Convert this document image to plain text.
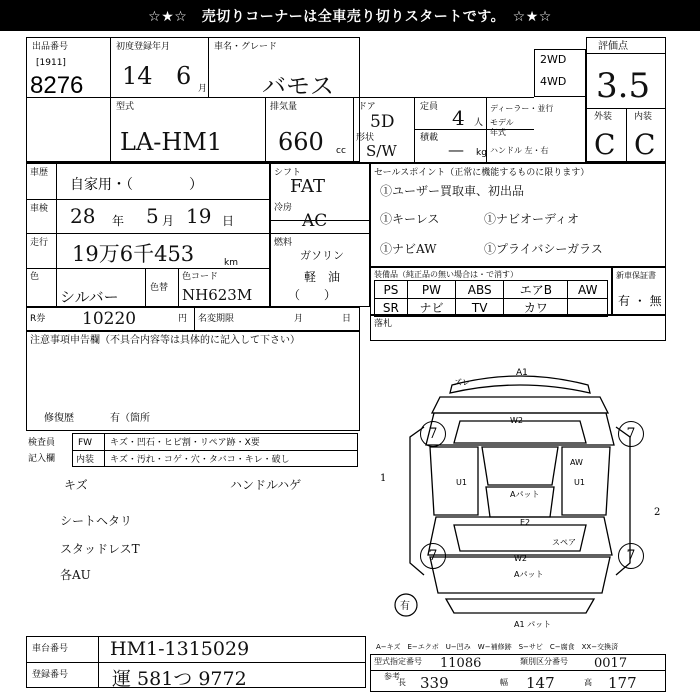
☆★☆　売切りコーナーは全車売り切りスタートです。　☆★☆
出品番号
[1911]
8276
初度登録年月
14 6 月
車名・グレード
バモス
2WD
4WD
評価点
3.5
外装 内装
C C
型式
LA-HM1
排気量
660 cc
ドア
5D
形状
S/W
定員 4 人
積載
— kg
ディーラー・並行
モデル
年式
ハンドル 左・右
車歴
自家用・（　　　　）
車検 28 年 5 月 19 日
走行 19万6千453	km
色
シルバー	色替
色コード
NH623M
シフト
FAT
冷房
AC
燃料
ガソリン
軽　油
（　　）
セールスポイント（正常に機能するものに限ります）
①ユーザー買取車、初出品
①キーレス	①ナビオーディオ
①ナビAW	①プライバシーガラス
装備品（純正品の無い場合は・で消す）
PS	PW	ABS	エアB	AW
SR	ナビ	TV	カワ	
新車保証書
有 ・ 無
R券 10220	円 名変期限	月	日	落札
注意事項申告欄（不具合内容等は具体的に記入して下さい）
修復歴	有（箇所
検査員
記入欄
FW キズ・凹石・ヒビ割・リペア跡・X要
内装 キズ・汚れ・コゲ・穴・タバコ・キレ・破し
キズ	ハンドルハゲ
シートヘタリ
スタッドレスT
各AU
車台番号 HM1-1315029
登録番号 運 581つ 9772
A−キズ　E−エクボ　U−凹み　W−補修跡　S−サビ　C−腐食　XX−交換済
型式指定番号 11086	類別区分番号 0017
参考
長 339	幅 147	高 177
A1
ズレ
W2
U1
AW
U1
Aパット
E2
スペア
W2
Aパット
A1 パット
有
1
2
7	7
7	7
